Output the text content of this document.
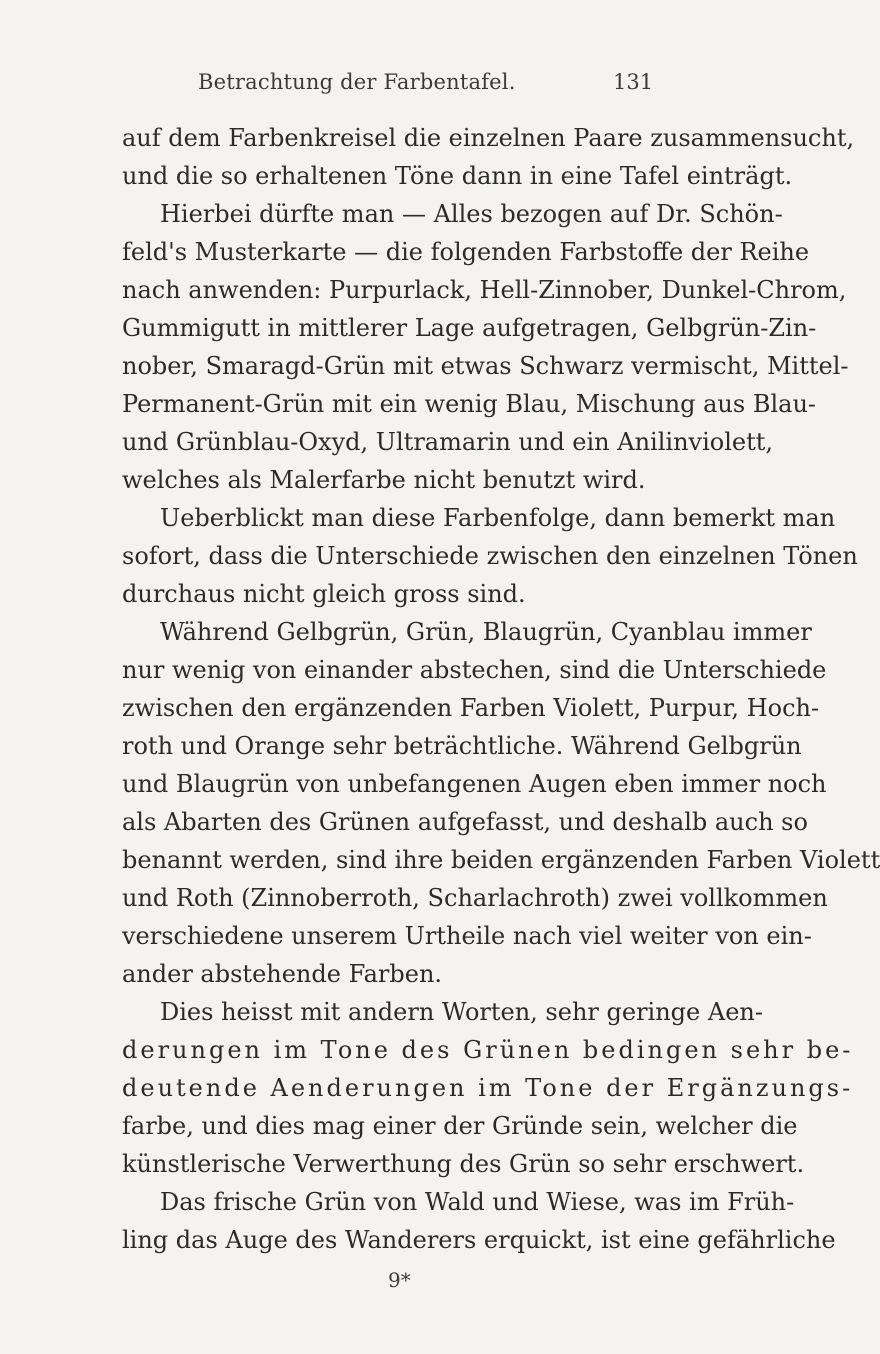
Betrachtung der Farbentafel.	131
auf dem Farbenkreisel die einzelnen Paare zusammensucht,
und die so erhaltenen Töne dann in eine Tafel einträgt.
Hierbei dürfte man — Alles bezogen auf Dr. Schön-
feld's Musterkarte — die folgenden Farbstoffe der Reihe
nach anwenden: Purpurlack, Hell-Zinnober, Dunkel-Chrom,
Gummigutt in mittlerer Lage aufgetragen, Gelbgrün-Zin-
nober, Smaragd-Grün mit etwas Schwarz vermischt, Mittel-
Permanent-Grün mit ein wenig Blau, Mischung aus Blau-
und Grünblau-Oxyd, Ultramarin und ein Anilinviolett,
welches als Malerfarbe nicht benutzt wird.
Ueberblickt man diese Farbenfolge, dann bemerkt man
sofort, dass die Unterschiede zwischen den einzelnen Tönen
durchaus nicht gleich gross sind.
Während Gelbgrün, Grün, Blaugrün, Cyanblau immer
nur wenig von einander abstechen, sind die Unterschiede
zwischen den ergänzenden Farben Violett, Purpur, Hoch-
roth und Orange sehr beträchtliche. Während Gelbgrün
und Blaugrün von unbefangenen Augen eben immer noch
als Abarten des Grünen aufgefasst, und deshalb auch so
benannt werden, sind ihre beiden ergänzenden Farben Violett
und Roth (Zinnoberroth, Scharlachroth) zwei vollkommen
verschiedene unserem Urtheile nach viel weiter von ein-
ander abstehende Farben.
Dies heisst mit andern Worten, sehr geringe Aen-
derungen im Tone des Grünen bedingen sehr be-
deutende Aenderungen im Tone der Ergänzungs-
farbe, und dies mag einer der Gründe sein, welcher die
künstlerische Verwerthung des Grün so sehr erschwert.
Das frische Grün von Wald und Wiese, was im Früh-
ling das Auge des Wanderers erquickt, ist eine gefährliche
9*
